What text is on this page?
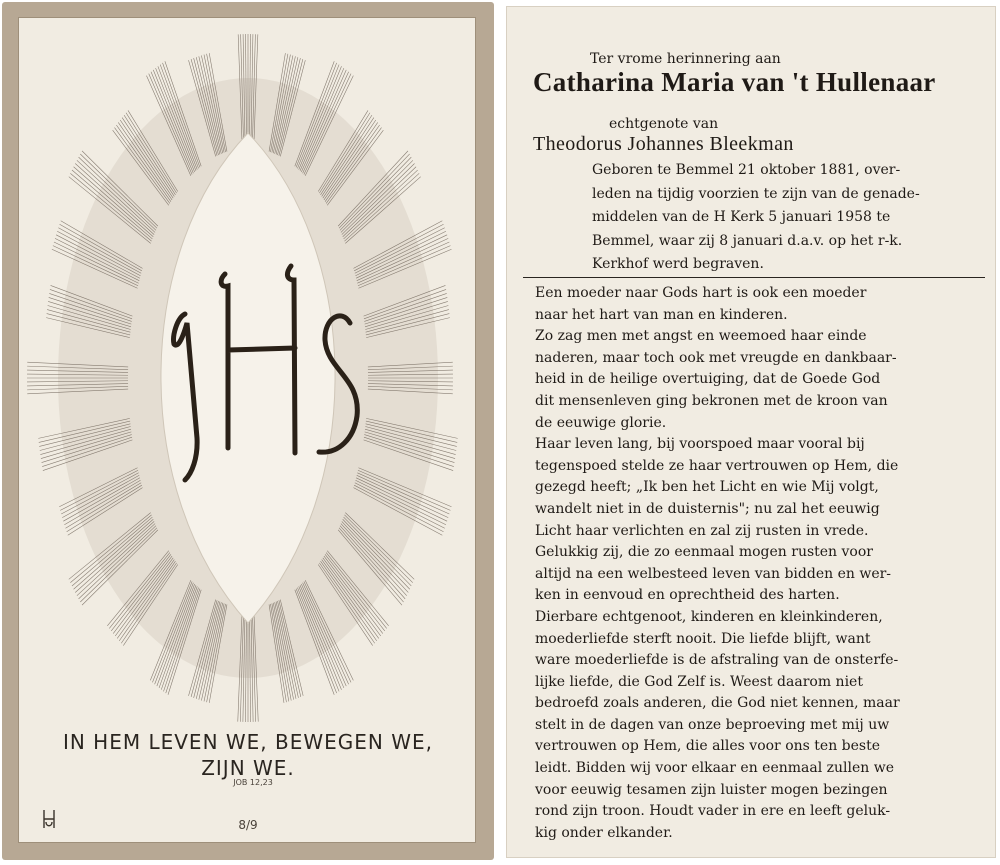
IN HEM LEVEN WE, BEWEGEN WE,
ZIJN WE.
JOB 12,23
8/9
Ter vrome herinnering aan
Catharina Maria van 't Hullenaar
echtgenote van
Theodorus Johannes Bleekman
Geboren te Bemmel 21 oktober 1881, over-
leden na tijdig voorzien te zijn van de genade-
middelen van de H Kerk 5 januari 1958 te
Bemmel, waar zij 8 januari d.a.v. op het r-k.
Kerkhof werd begraven.
Een moeder naar Gods hart is ook een moeder
naar het hart van man en kinderen.
Zo zag men met angst en weemoed haar einde
naderen, maar toch ook met vreugde en dankbaar-
heid in de heilige overtuiging, dat de Goede God
dit mensenleven ging bekronen met de kroon van
de eeuwige glorie.
Haar leven lang, bij voorspoed maar vooral bij
tegenspoed stelde ze haar vertrouwen op Hem, die
gezegd heeft; „Ik ben het Licht en wie Mij volgt,
wandelt niet in de duisternis"; nu zal het eeuwig
Licht haar verlichten en zal zij rusten in vrede.
Gelukkig zij, die zo eenmaal mogen rusten voor
altijd na een welbesteed leven van bidden en wer-
ken in eenvoud en oprechtheid des harten.
Dierbare echtgenoot, kinderen en kleinkinderen,
moederliefde sterft nooit. Die liefde blijft, want
ware moederliefde is de afstraling van de onsterfe-
lijke liefde, die God Zelf is. Weest daarom niet
bedroefd zoals anderen, die God niet kennen, maar
stelt in de dagen van onze beproeving met mij uw
vertrouwen op Hem, die alles voor ons ten beste
leidt. Bidden wij voor elkaar en eenmaal zullen we
voor eeuwig tesamen zijn luister mogen bezingen
rond zijn troon. Houdt vader in ere en leeft geluk-
kig onder elkander.
